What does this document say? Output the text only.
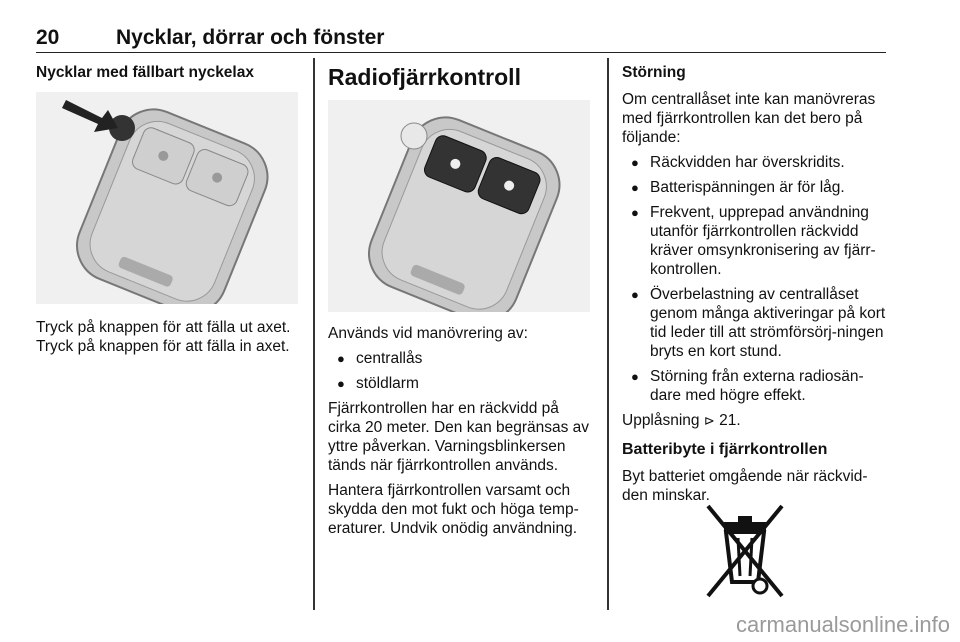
20	Nycklar, dörrar och fönster
Nycklar med fällbart nyckelax

Tryck på knappen för att fälla ut axet.

Tryck på knappen för att fälla in axet.

Radiofjärrkontroll

Används vid manövrering av:

● centrallås
● stöldlarm

Fjärrkontrollen har en räckvidd på cirka 20 meter. Den kan begränsas av yttre påverkan. Varningsblinkersen tänds när fjärrkontrollen används.

Hantera fjärrkontrollen varsamt och skydda den mot fukt och höga temp-eraturer. Undvik onödig användning.

Störning

Om centrallåset inte kan manövreras med fjärrkontrollen kan det bero på följande:

● Räckvidden har överskridits.
● Batterispänningen är för låg.
● Frekvent, upprepad användning utanför fjärrkontrollen räckvidd kräver omsynkronisering av fjärr-kontrollen.
● Överbelastning av centrallåset genom många aktiveringar på kort tid leder till att strömförsörj-ningen bryts en kort stund.
● Störning från externa radiosän-dare med högre effekt.

Upplåsning ⊳ 21.

Batteribyte i fjärrkontrollen

Byt batteriet omgående när räckvid-den minskar.

carmanualsonline.info
